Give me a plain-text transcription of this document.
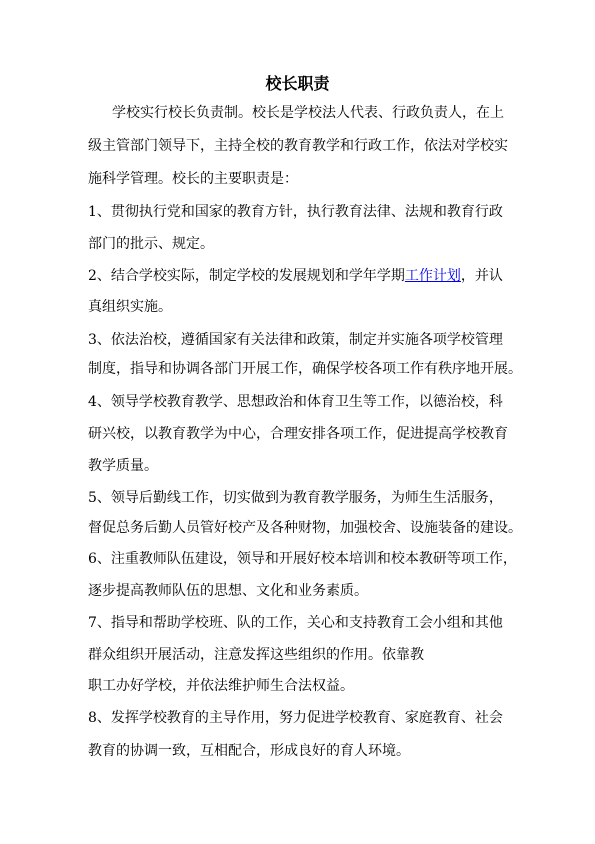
校长职责
学校实行校长负责制。校长是学校法人代表、行政负责人，在上
级主管部门领导下，主持全校的教育教学和行政工作，依法对学校实
施科学管理。校长的主要职责是：
1、贯彻执行党和国家的教育方针，执行教育法律、法规和教育行政
部门的批示、规定。
2、结合学校实际，制定学校的发展规划和学年学期工作计划，并认
真组织实施。
3、依法治校，遵循国家有关法律和政策，制定并实施各项学校管理
制度，指导和协调各部门开展工作，确保学校各项工作有秩序地开展。
4、领导学校教育教学、思想政治和体育卫生等工作，以德治校，科
研兴校，以教育教学为中心，合理安排各项工作，促进提高学校教育
教学质量。
5、领导后勤线工作，切实做到为教育教学服务，为师生生活服务，
督促总务后勤人员管好校产及各种财物，加强校舍、设施装备的建设。
6、注重教师队伍建设，领导和开展好校本培训和校本教研等项工作，
逐步提高教师队伍的思想、文化和业务素质。
7、指导和帮助学校班、队的工作，关心和支持教育工会小组和其他
群众组织开展活动，注意发挥这些组织的作用。依靠教
职工办好学校，并依法维护师生合法权益。
8、发挥学校教育的主导作用，努力促进学校教育、家庭教育、社会
教育的协调一致，互相配合，形成良好的育人环境。
